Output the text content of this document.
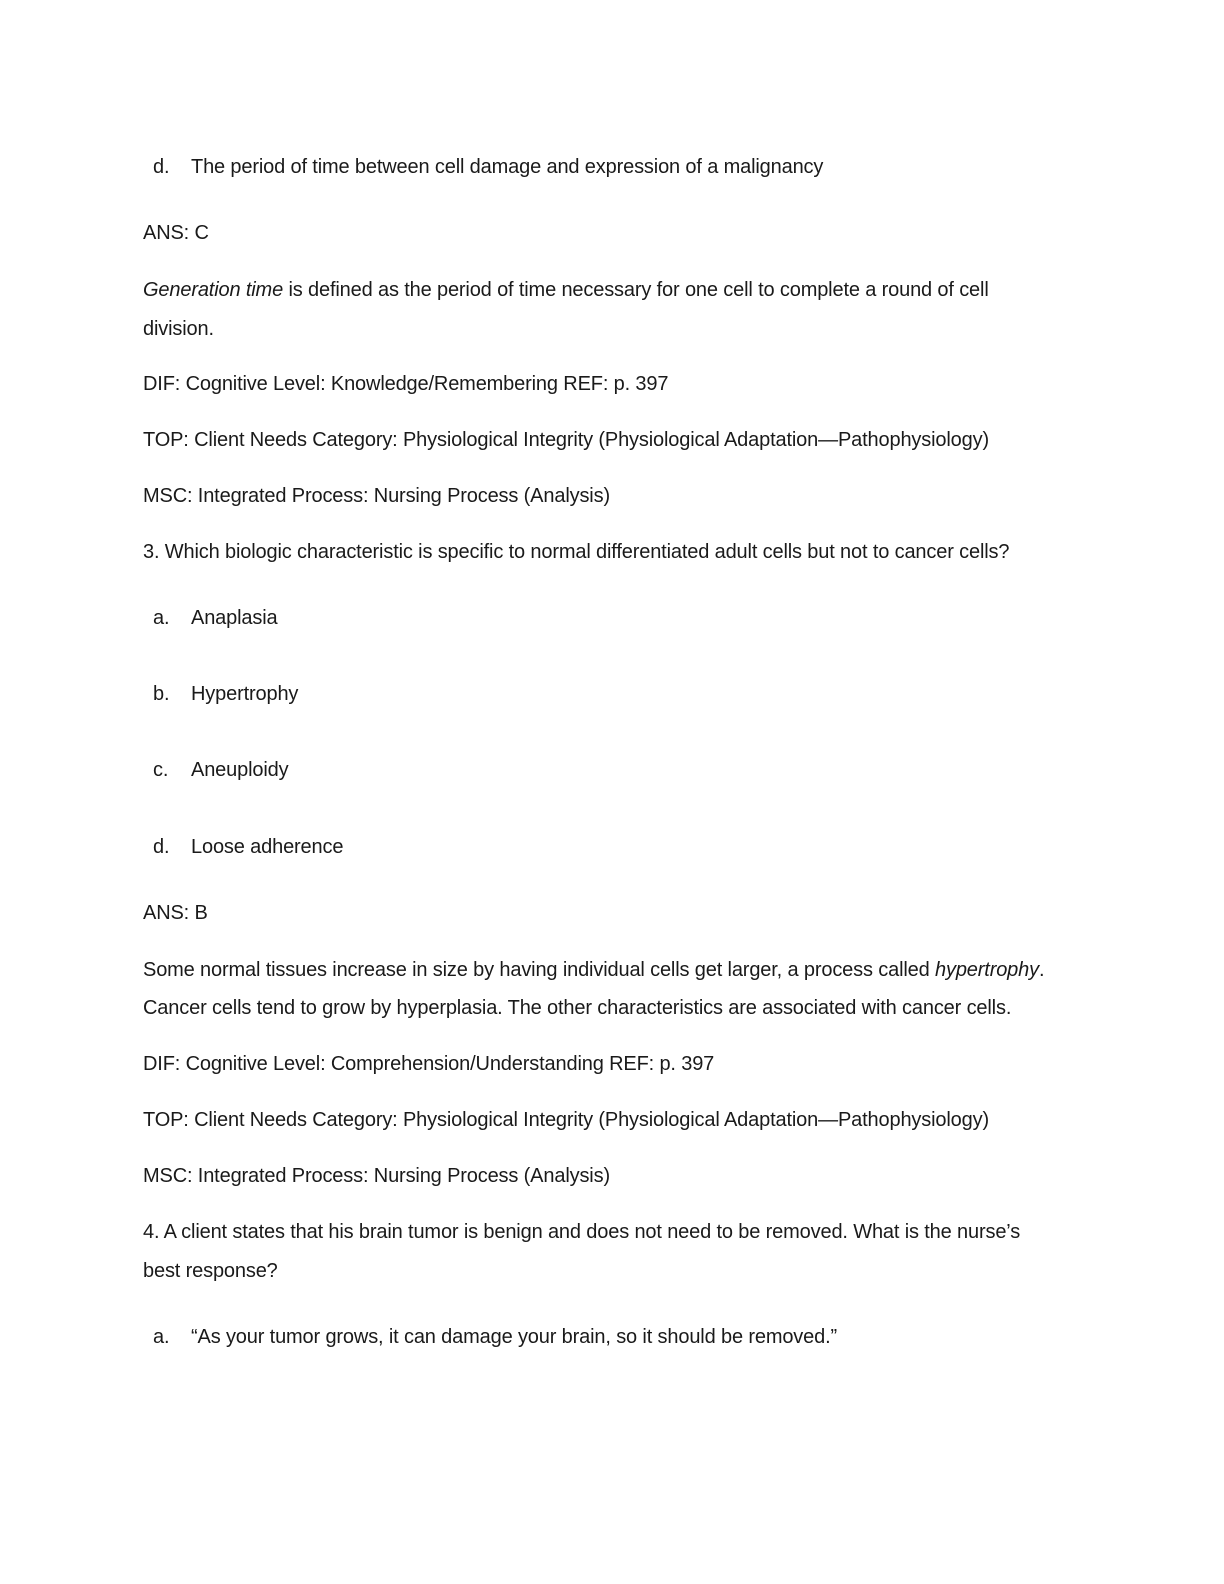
d. The period of time between cell damage and expression of a malignancy
ANS: C
Generation time is defined as the period of time necessary for one cell to complete a round of cell
division.
DIF: Cognitive Level: Knowledge/Remembering REF: p. 397
TOP: Client Needs Category: Physiological Integrity (Physiological Adaptation—Pathophysiology)
MSC: Integrated Process: Nursing Process (Analysis)
3. Which biologic characteristic is specific to normal differentiated adult cells but not to cancer cells?
a. Anaplasia
b. Hypertrophy
c. Aneuploidy
d. Loose adherence
ANS: B
Some normal tissues increase in size by having individual cells get larger, a process called hypertrophy.
Cancer cells tend to grow by hyperplasia. The other characteristics are associated with cancer cells.
DIF: Cognitive Level: Comprehension/Understanding REF: p. 397
TOP: Client Needs Category: Physiological Integrity (Physiological Adaptation—Pathophysiology)
MSC: Integrated Process: Nursing Process (Analysis)
4. A client states that his brain tumor is benign and does not need to be removed. What is the nurse’s
best response?
a. “As your tumor grows, it can damage your brain, so it should be removed.”
